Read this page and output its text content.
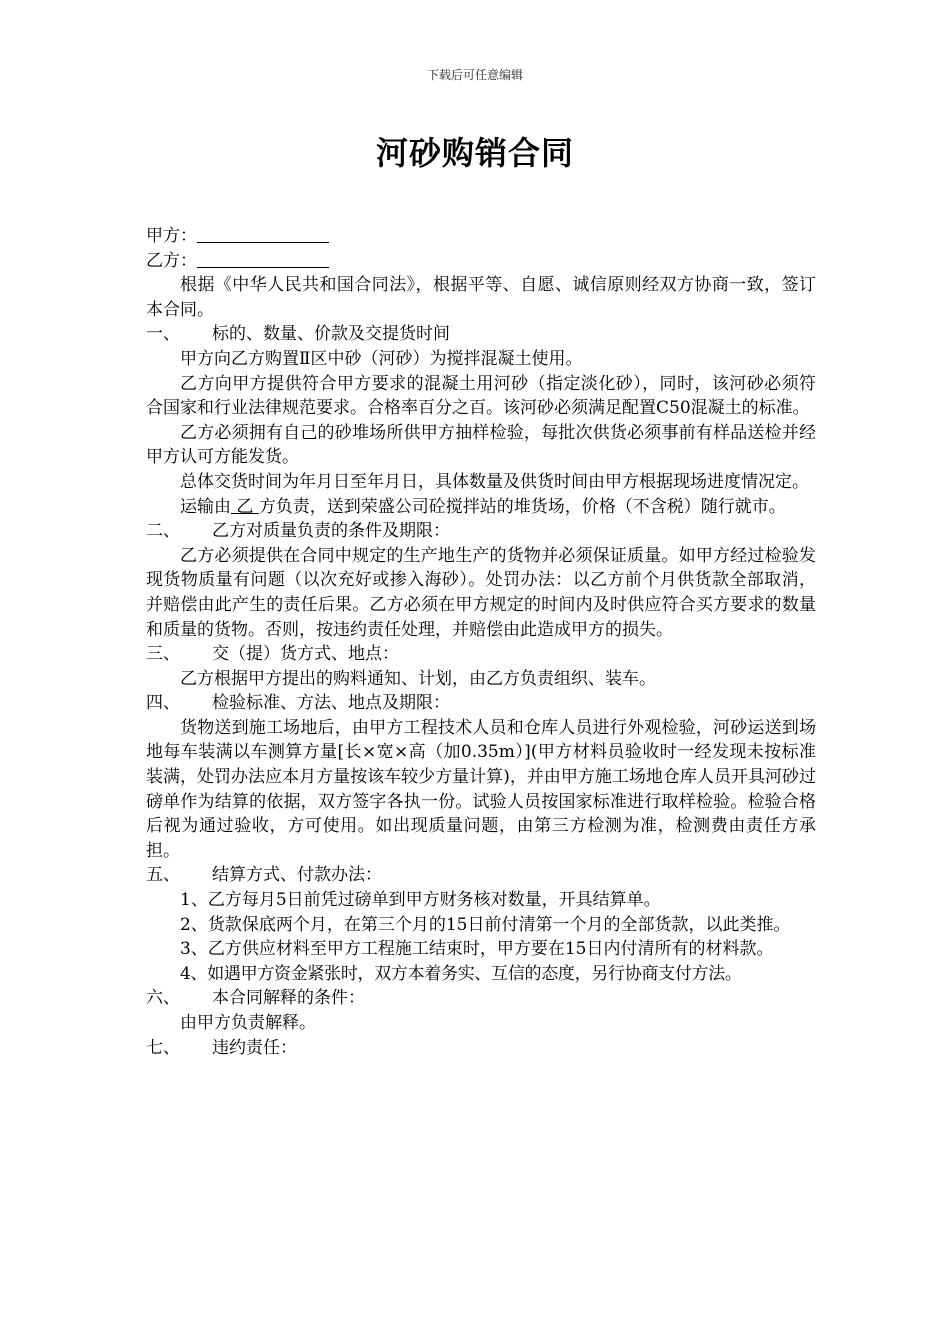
下载后可任意编辑
河砂购销合同

甲方：

乙方：

根据《中华人民共和国合同法》，根据平等、自愿、诚信原则经双方协商一致，签订本合同。

一、	标的、数量、价款及交提货时间

甲方向乙方购置Ⅱ区中砂（河砂）为搅拌混凝土使用。

乙方向甲方提供符合甲方要求的混凝土用河砂（指定淡化砂），同时，该河砂必须符合国家和行业法律规范要求。合格率百分之百。该河砂必须满足配置C50混凝土的标准。

乙方必须拥有自己的砂堆场所供甲方抽样检验，每批次供货必须事前有样品送检并经甲方认可方能发货。

总体交货时间为年月日至年月日，具体数量及供货时间由甲方根据现场进度情况定。

运输由 乙 方负责，送到荣盛公司砼搅拌站的堆货场，价格（不含税）随行就市。

二、	乙方对质量负责的条件及期限：

乙方必须提供在合同中规定的生产地生产的货物并必须保证质量。如甲方经过检验发现货物质量有问题（以次充好或掺入海砂）。处罚办法：以乙方前个月供货款全部取消，并赔偿由此产生的责任后果。乙方必须在甲方规定的时间内及时供应符合买方要求的数量和质量的货物。否则，按违约责任处理，并赔偿由此造成甲方的损失。

三、	交（提）货方式、地点：

乙方根据甲方提出的购料通知、计划，由乙方负责组织、装车。

四、	检验标准、方法、地点及期限：

货物送到施工场地后，由甲方工程技术人员和仓库人员进行外观检验，河砂运送到场地每车装满以车测算方量[长×宽×高（加0.35m）](甲方材料员验收时一经发现未按标准装满，处罚办法应本月方量按该车较少方量计算)，并由甲方施工场地仓库人员开具河砂过磅单作为结算的依据，双方签字各执一份。试验人员按国家标准进行取样检验。检验合格后视为通过验收，方可使用。如出现质量问题，由第三方检测为准，检测费由责任方承担。

五、	结算方式、付款办法：

1、乙方每月5日前凭过磅单到甲方财务核对数量，开具结算单。

2、货款保底两个月，在第三个月的15日前付清第一个月的全部货款，以此类推。

3、乙方供应材料至甲方工程施工结束时，甲方要在15日内付清所有的材料款。

4、如遇甲方资金紧张时，双方本着务实、互信的态度，另行协商支付方法。

六、	本合同解释的条件：

由甲方负责解释。

七、	违约责任：
